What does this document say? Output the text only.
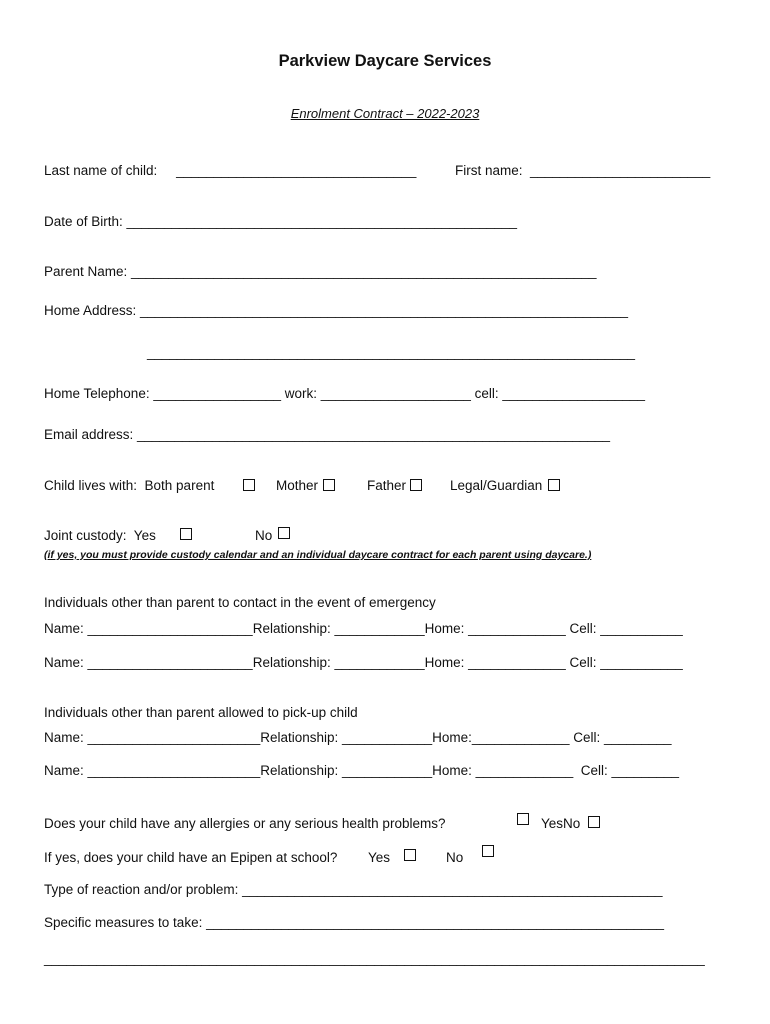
Parkview Daycare Services
Enrolment Contract – 2022-2023
Last name of child:     ________________________________	First name:  ________________________
Date of Birth: ____________________________________________________
Parent Name: ______________________________________________________________
Home Address: _________________________________________________________________
_________________________________________________________________
Home Telephone: _________________ work: ____________________ cell: ___________________
Email address: _______________________________________________________________
Child lives with:  Both parent	Mother	Father	Legal/Guardian
Joint custody:  Yes	No
(if yes, you must provide custody calendar and an individual daycare contract for each parent using daycare.)
Individuals other than parent to contact in the event of emergency
Name: ______________________Relationship: ____________Home: _____________ Cell: ___________
Name: ______________________Relationship: ____________Home: _____________ Cell: ___________
Individuals other than parent allowed to pick-up child
Name: _______________________Relationship: ____________Home:_____________ Cell: _________
Name: _______________________Relationship: ____________Home: _____________  Cell: _________
Does your child have any allergies or any serious health problems?	YesNo
If yes, does your child have an Epipen at school? Yes	No
Type of reaction and/or problem: ________________________________________________________
Specific measures to take: _____________________________________________________________
________________________________________________________________________________________
